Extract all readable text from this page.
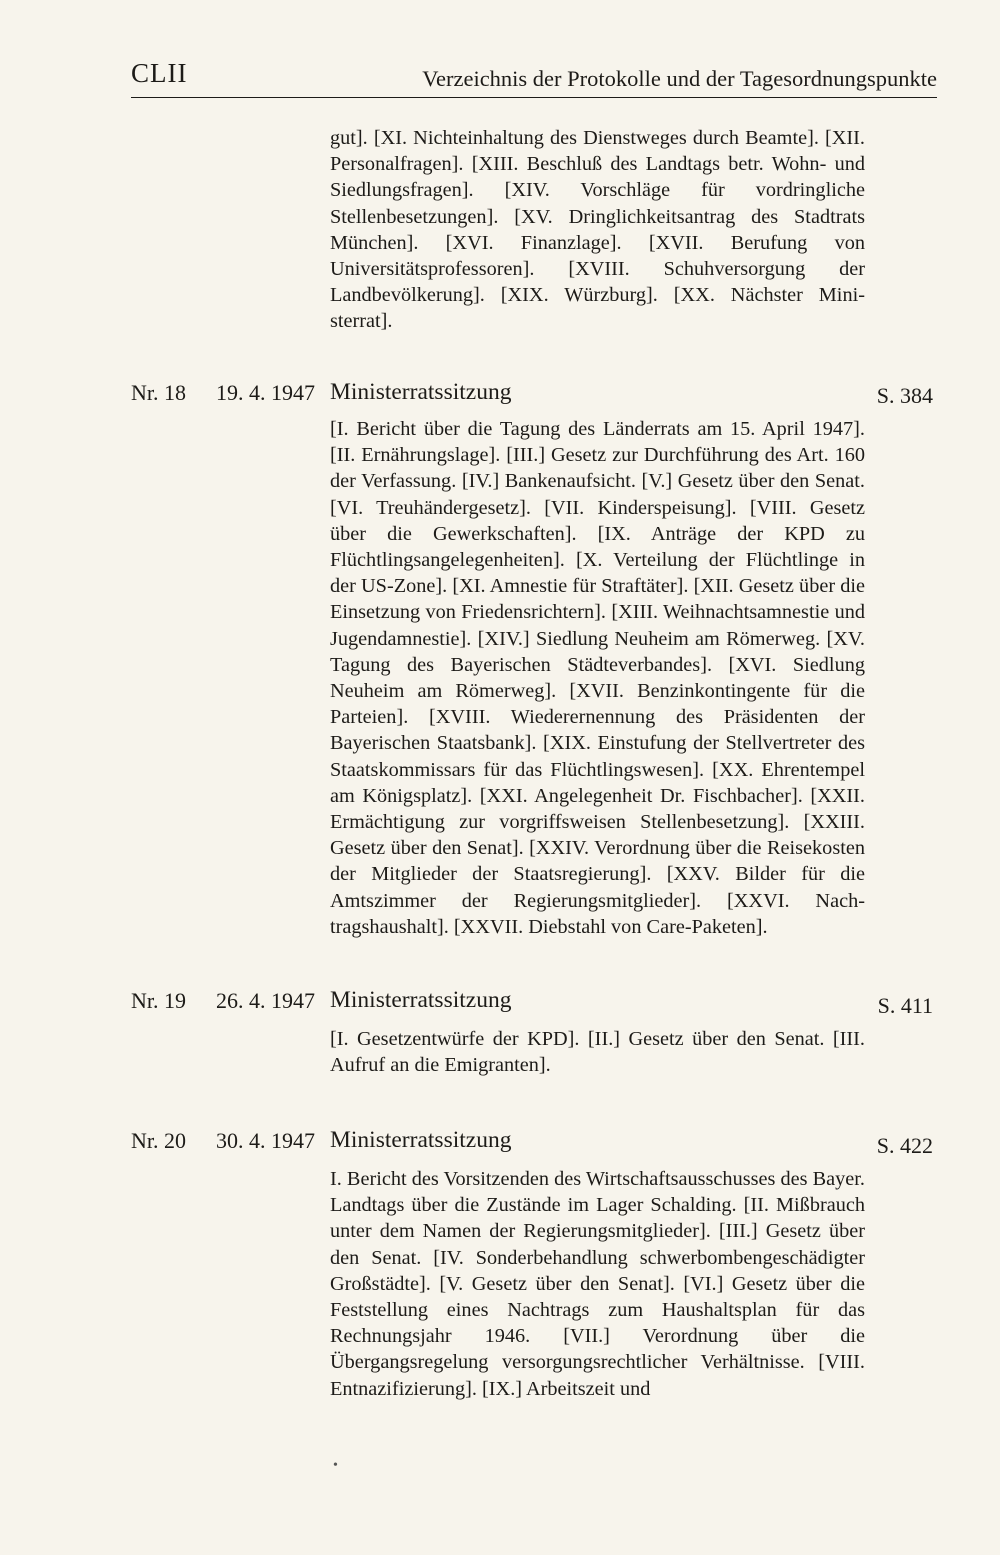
CLII	Verzeichnis der Protokolle und der Tagesordnungspunkte
gut]. [XI. Nichteinhaltung des Dienstweges durch Beamte]. [XII. Personalfragen]. [XIII. Beschluß des Landtags betr. Wohn- und Siedlungsfragen]. [XIV. Vorschläge für vordringliche Stellenbesetzungen]. [XV. Dringlichkeitsantrag des Stadtrats München]. [XVI. Finanzlage]. [XVII. Berufung von Universitätsprofessoren]. [XVIII. Schuhversorgung der Landbevölkerung]. [XIX. Würzburg]. [XX. Nächster Ministerrat].
Nr. 18 19. 4. 1947 Ministerratssitzung	S. 384
[I. Bericht über die Tagung des Länderrats am 15. April 1947]. [II. Ernährungslage]. [III.] Gesetz zur Durchführung des Art. 160 der Verfassung. [IV.] Bankenaufsicht. [V.] Gesetz über den Senat. [VI. Treuhändergesetz]. [VII. Kinderspeisung]. [VIII. Gesetz über die Gewerkschaften]. [IX. Anträge der KPD zu Flüchtlingsangelegenheiten]. [X. Verteilung der Flüchtlinge in der US-Zone]. [XI. Amnestie für Straftäter]. [XII. Gesetz über die Einsetzung von Friedensrichtern]. [XIII. Weihnachtsamnestie und Jugendamnestie]. [XIV.] Siedlung Neuheim am Römerweg. [XV. Tagung des Bayerischen Städteverbandes]. [XVI. Siedlung Neuheim am Römerweg]. [XVII. Benzinkontingente für die Parteien]. [XVIII. Wiederernennung des Präsidenten der Bayerischen Staatsbank]. [XIX. Einstufung der Stellvertreter des Staatskommissars für das Flüchtlingswesen]. [XX. Ehrentempel am Königsplatz]. [XXI. Angelegenheit Dr. Fischbacher]. [XXII. Ermächtigung zur vorgriffsweisen Stellenbesetzung]. [XXIII. Gesetz über den Senat]. [XXIV. Verordnung über die Reisekosten der Mitglieder der Staatsregierung]. [XXV. Bilder für die Amtszimmer der Regierungsmitglieder]. [XXVI. Nachtragshaushalt]. [XXVII. Diebstahl von Care-Paketen].
Nr. 19 26. 4. 1947 Ministerratssitzung	S. 411
[I. Gesetzentwürfe der KPD]. [II.] Gesetz über den Senat. [III. Aufruf an die Emigranten].
Nr. 20 30. 4. 1947 Ministerratssitzung	S. 422
I. Bericht des Vorsitzenden des Wirtschaftsausschusses des Bayer. Landtags über die Zustände im Lager Schalding. [II. Mißbrauch unter dem Namen der Regierungsmitglieder]. [III.] Gesetz über den Senat. [IV. Sonderbehandlung schwerbombengeschädigter Großstädte]. [V. Gesetz über den Senat]. [VI.] Gesetz über die Feststellung eines Nachtrags zum Haushaltsplan für das Rechnungsjahr 1946. [VII.] Verordnung über die Übergangsregelung versorgungsrechtlicher Verhältnisse. [VIII. Entnazifizierung]. [IX.] Arbeitszeit und
•
